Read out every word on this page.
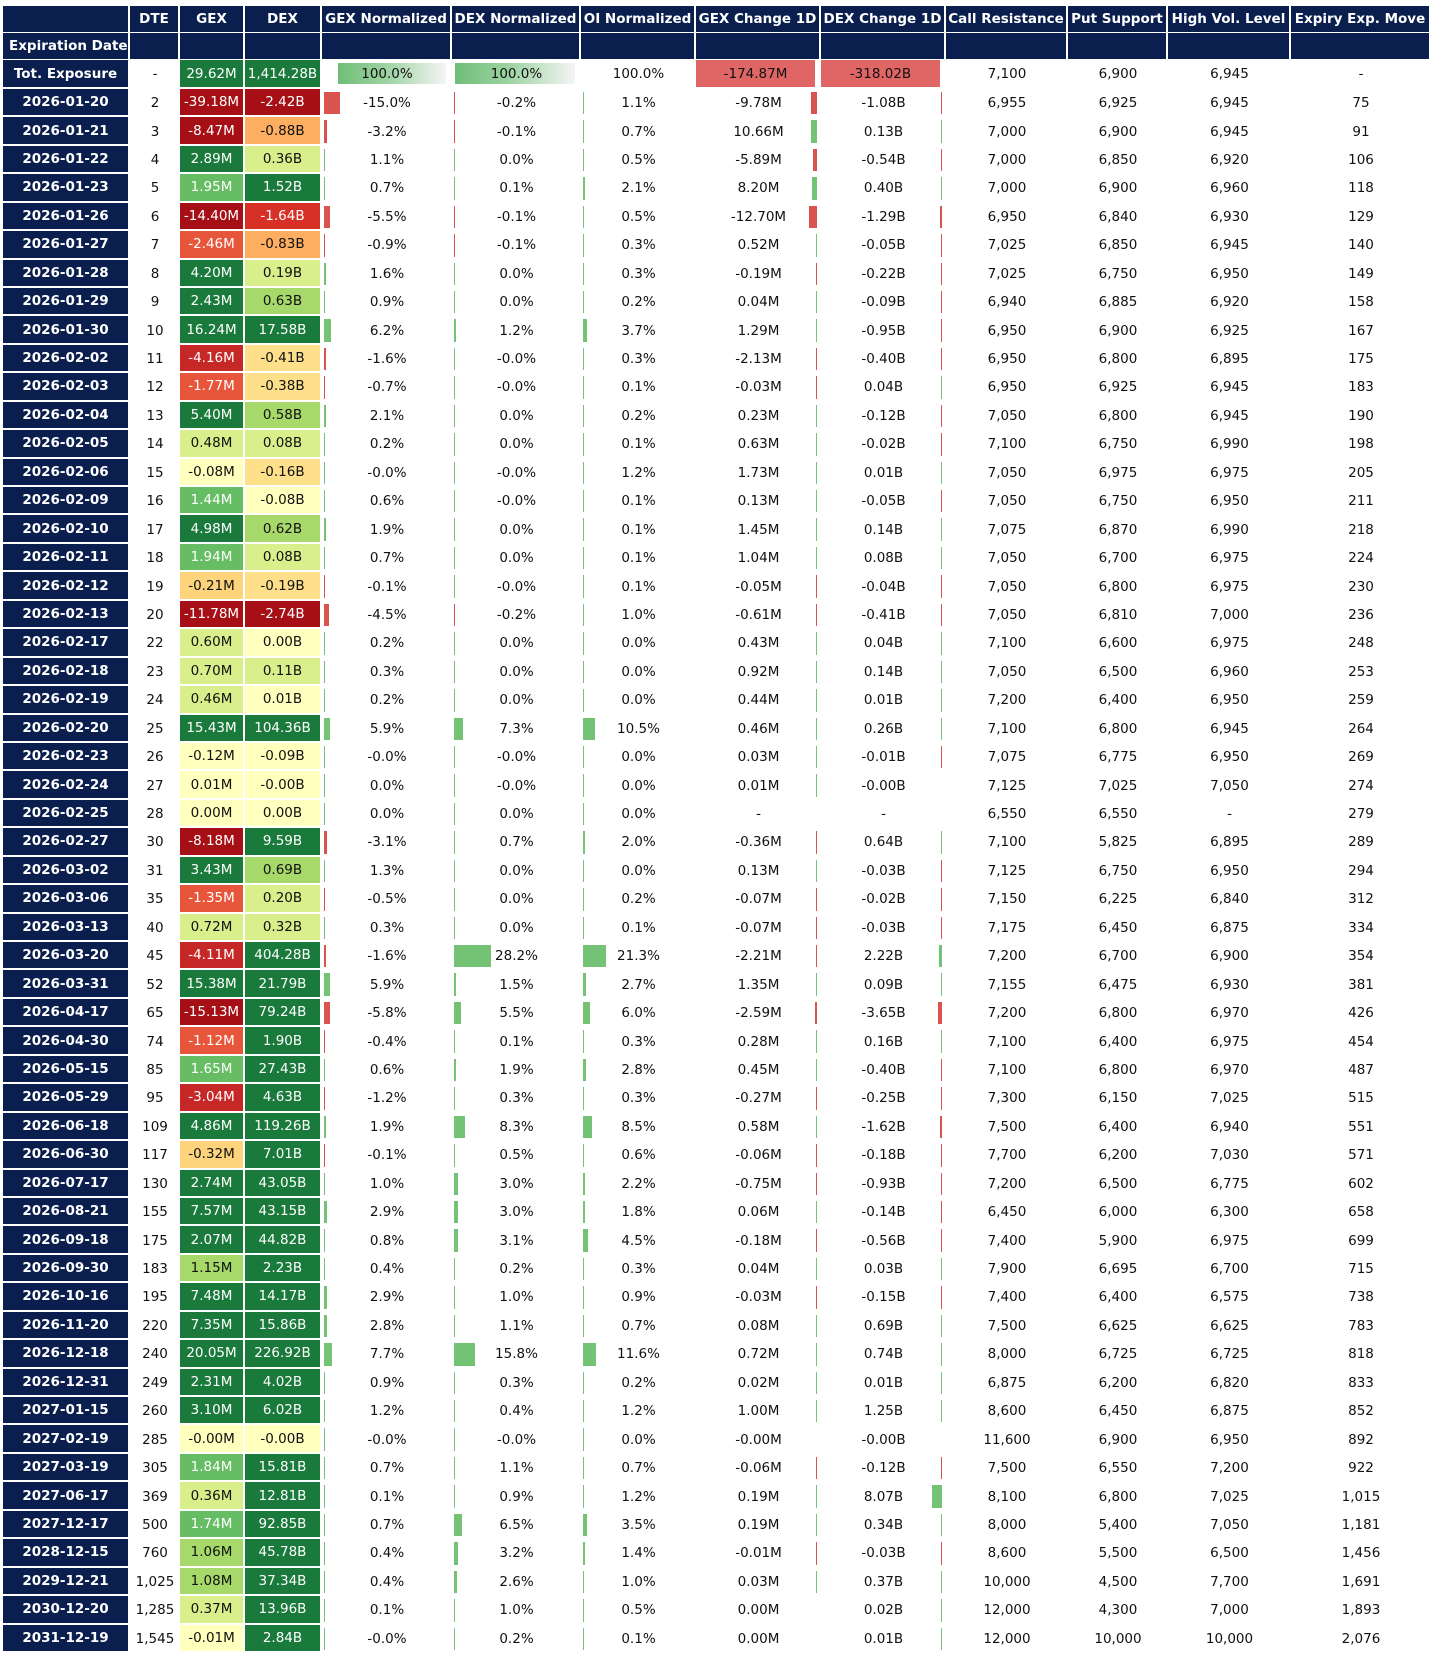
	DTE	GEX	DEX	GEX Normalized	DEX Normalized	OI Normalized	GEX Change 1D	DEX Change 1D	Call Resistance	Put Support	High Vol. Level	Expiry Exp. Move
Expiration Date												
Tot. Exposure	-	29.62M	1,414.28B	100.0%	100.0%	100.0%	-174.87M	-318.02B	7,100	6,900	6,945	-
2026-01-20	2	-39.18M	-2.42B	-15.0%	-0.2%	1.1%	-9.78M	-1.08B	6,955	6,925	6,945	75
2026-01-21	3	-8.47M	-0.88B	-3.2%	-0.1%	0.7%	10.66M	0.13B	7,000	6,900	6,945	91
2026-01-22	4	2.89M	0.36B	1.1%	0.0%	0.5%	-5.89M	-0.54B	7,000	6,850	6,920	106
2026-01-23	5	1.95M	1.52B	0.7%	0.1%	2.1%	8.20M	0.40B	7,000	6,900	6,960	118
2026-01-26	6	-14.40M	-1.64B	-5.5%	-0.1%	0.5%	-12.70M	-1.29B	6,950	6,840	6,930	129
2026-01-27	7	-2.46M	-0.83B	-0.9%	-0.1%	0.3%	0.52M	-0.05B	7,025	6,850	6,945	140
2026-01-28	8	4.20M	0.19B	1.6%	0.0%	0.3%	-0.19M	-0.22B	7,025	6,750	6,950	149
2026-01-29	9	2.43M	0.63B	0.9%	0.0%	0.2%	0.04M	-0.09B	6,940	6,885	6,920	158
2026-01-30	10	16.24M	17.58B	6.2%	1.2%	3.7%	1.29M	-0.95B	6,950	6,900	6,925	167
2026-02-02	11	-4.16M	-0.41B	-1.6%	-0.0%	0.3%	-2.13M	-0.40B	6,950	6,800	6,895	175
2026-02-03	12	-1.77M	-0.38B	-0.7%	-0.0%	0.1%	-0.03M	0.04B	6,950	6,925	6,945	183
2026-02-04	13	5.40M	0.58B	2.1%	0.0%	0.2%	0.23M	-0.12B	7,050	6,800	6,945	190
2026-02-05	14	0.48M	0.08B	0.2%	0.0%	0.1%	0.63M	-0.02B	7,100	6,750	6,990	198
2026-02-06	15	-0.08M	-0.16B	-0.0%	-0.0%	1.2%	1.73M	0.01B	7,050	6,975	6,975	205
2026-02-09	16	1.44M	-0.08B	0.6%	-0.0%	0.1%	0.13M	-0.05B	7,050	6,750	6,950	211
2026-02-10	17	4.98M	0.62B	1.9%	0.0%	0.1%	1.45M	0.14B	7,075	6,870	6,990	218
2026-02-11	18	1.94M	0.08B	0.7%	0.0%	0.1%	1.04M	0.08B	7,050	6,700	6,975	224
2026-02-12	19	-0.21M	-0.19B	-0.1%	-0.0%	0.1%	-0.05M	-0.04B	7,050	6,800	6,975	230
2026-02-13	20	-11.78M	-2.74B	-4.5%	-0.2%	1.0%	-0.61M	-0.41B	7,050	6,810	7,000	236
2026-02-17	22	0.60M	0.00B	0.2%	0.0%	0.0%	0.43M	0.04B	7,100	6,600	6,975	248
2026-02-18	23	0.70M	0.11B	0.3%	0.0%	0.0%	0.92M	0.14B	7,050	6,500	6,960	253
2026-02-19	24	0.46M	0.01B	0.2%	0.0%	0.0%	0.44M	0.01B	7,200	6,400	6,950	259
2026-02-20	25	15.43M	104.36B	5.9%	7.3%	10.5%	0.46M	0.26B	7,100	6,800	6,945	264
2026-02-23	26	-0.12M	-0.09B	-0.0%	-0.0%	0.0%	0.03M	-0.01B	7,075	6,775	6,950	269
2026-02-24	27	0.01M	-0.00B	0.0%	-0.0%	0.0%	0.01M	-0.00B	7,125	7,025	7,050	274
2026-02-25	28	0.00M	0.00B	0.0%	0.0%	0.0%	-	-	6,550	6,550	-	279
2026-02-27	30	-8.18M	9.59B	-3.1%	0.7%	2.0%	-0.36M	0.64B	7,100	5,825	6,895	289
2026-03-02	31	3.43M	0.69B	1.3%	0.0%	0.0%	0.13M	-0.03B	7,125	6,750	6,950	294
2026-03-06	35	-1.35M	0.20B	-0.5%	0.0%	0.2%	-0.07M	-0.02B	7,150	6,225	6,840	312
2026-03-13	40	0.72M	0.32B	0.3%	0.0%	0.1%	-0.07M	-0.03B	7,175	6,450	6,875	334
2026-03-20	45	-4.11M	404.28B	-1.6%	28.2%	21.3%	-2.21M	2.22B	7,200	6,700	6,900	354
2026-03-31	52	15.38M	21.79B	5.9%	1.5%	2.7%	1.35M	0.09B	7,155	6,475	6,930	381
2026-04-17	65	-15.13M	79.24B	-5.8%	5.5%	6.0%	-2.59M	-3.65B	7,200	6,800	6,970	426
2026-04-30	74	-1.12M	1.90B	-0.4%	0.1%	0.3%	0.28M	0.16B	7,100	6,400	6,975	454
2026-05-15	85	1.65M	27.43B	0.6%	1.9%	2.8%	0.45M	-0.40B	7,100	6,800	6,970	487
2026-05-29	95	-3.04M	4.63B	-1.2%	0.3%	0.3%	-0.27M	-0.25B	7,300	6,150	7,025	515
2026-06-18	109	4.86M	119.26B	1.9%	8.3%	8.5%	0.58M	-1.62B	7,500	6,400	6,940	551
2026-06-30	117	-0.32M	7.01B	-0.1%	0.5%	0.6%	-0.06M	-0.18B	7,700	6,200	7,030	571
2026-07-17	130	2.74M	43.05B	1.0%	3.0%	2.2%	-0.75M	-0.93B	7,200	6,500	6,775	602
2026-08-21	155	7.57M	43.15B	2.9%	3.0%	1.8%	0.06M	-0.14B	6,450	6,000	6,300	658
2026-09-18	175	2.07M	44.82B	0.8%	3.1%	4.5%	-0.18M	-0.56B	7,400	5,900	6,975	699
2026-09-30	183	1.15M	2.23B	0.4%	0.2%	0.3%	0.04M	0.03B	7,900	6,695	6,700	715
2026-10-16	195	7.48M	14.17B	2.9%	1.0%	0.9%	-0.03M	-0.15B	7,400	6,400	6,575	738
2026-11-20	220	7.35M	15.86B	2.8%	1.1%	0.7%	0.08M	0.69B	7,500	6,625	6,625	783
2026-12-18	240	20.05M	226.92B	7.7%	15.8%	11.6%	0.72M	0.74B	8,000	6,725	6,725	818
2026-12-31	249	2.31M	4.02B	0.9%	0.3%	0.2%	0.02M	0.01B	6,875	6,200	6,820	833
2027-01-15	260	3.10M	6.02B	1.2%	0.4%	1.2%	1.00M	1.25B	8,600	6,450	6,875	852
2027-02-19	285	-0.00M	-0.00B	-0.0%	-0.0%	0.0%	-0.00M	-0.00B	11,600	6,900	6,950	892
2027-03-19	305	1.84M	15.81B	0.7%	1.1%	0.7%	-0.06M	-0.12B	7,500	6,550	7,200	922
2027-06-17	369	0.36M	12.81B	0.1%	0.9%	1.2%	0.19M	8.07B	8,100	6,800	7,025	1,015
2027-12-17	500	1.74M	92.85B	0.7%	6.5%	3.5%	0.19M	0.34B	8,000	5,400	7,050	1,181
2028-12-15	760	1.06M	45.78B	0.4%	3.2%	1.4%	-0.01M	-0.03B	8,600	5,500	6,500	1,456
2029-12-21	1,025	1.08M	37.34B	0.4%	2.6%	1.0%	0.03M	0.37B	10,000	4,500	7,700	1,691
2030-12-20	1,285	0.37M	13.96B	0.1%	1.0%	0.5%	0.00M	0.02B	12,000	4,300	7,000	1,893
2031-12-19	1,545	-0.01M	2.84B	-0.0%	0.2%	0.1%	0.00M	0.01B	12,000	10,000	10,000	2,076
